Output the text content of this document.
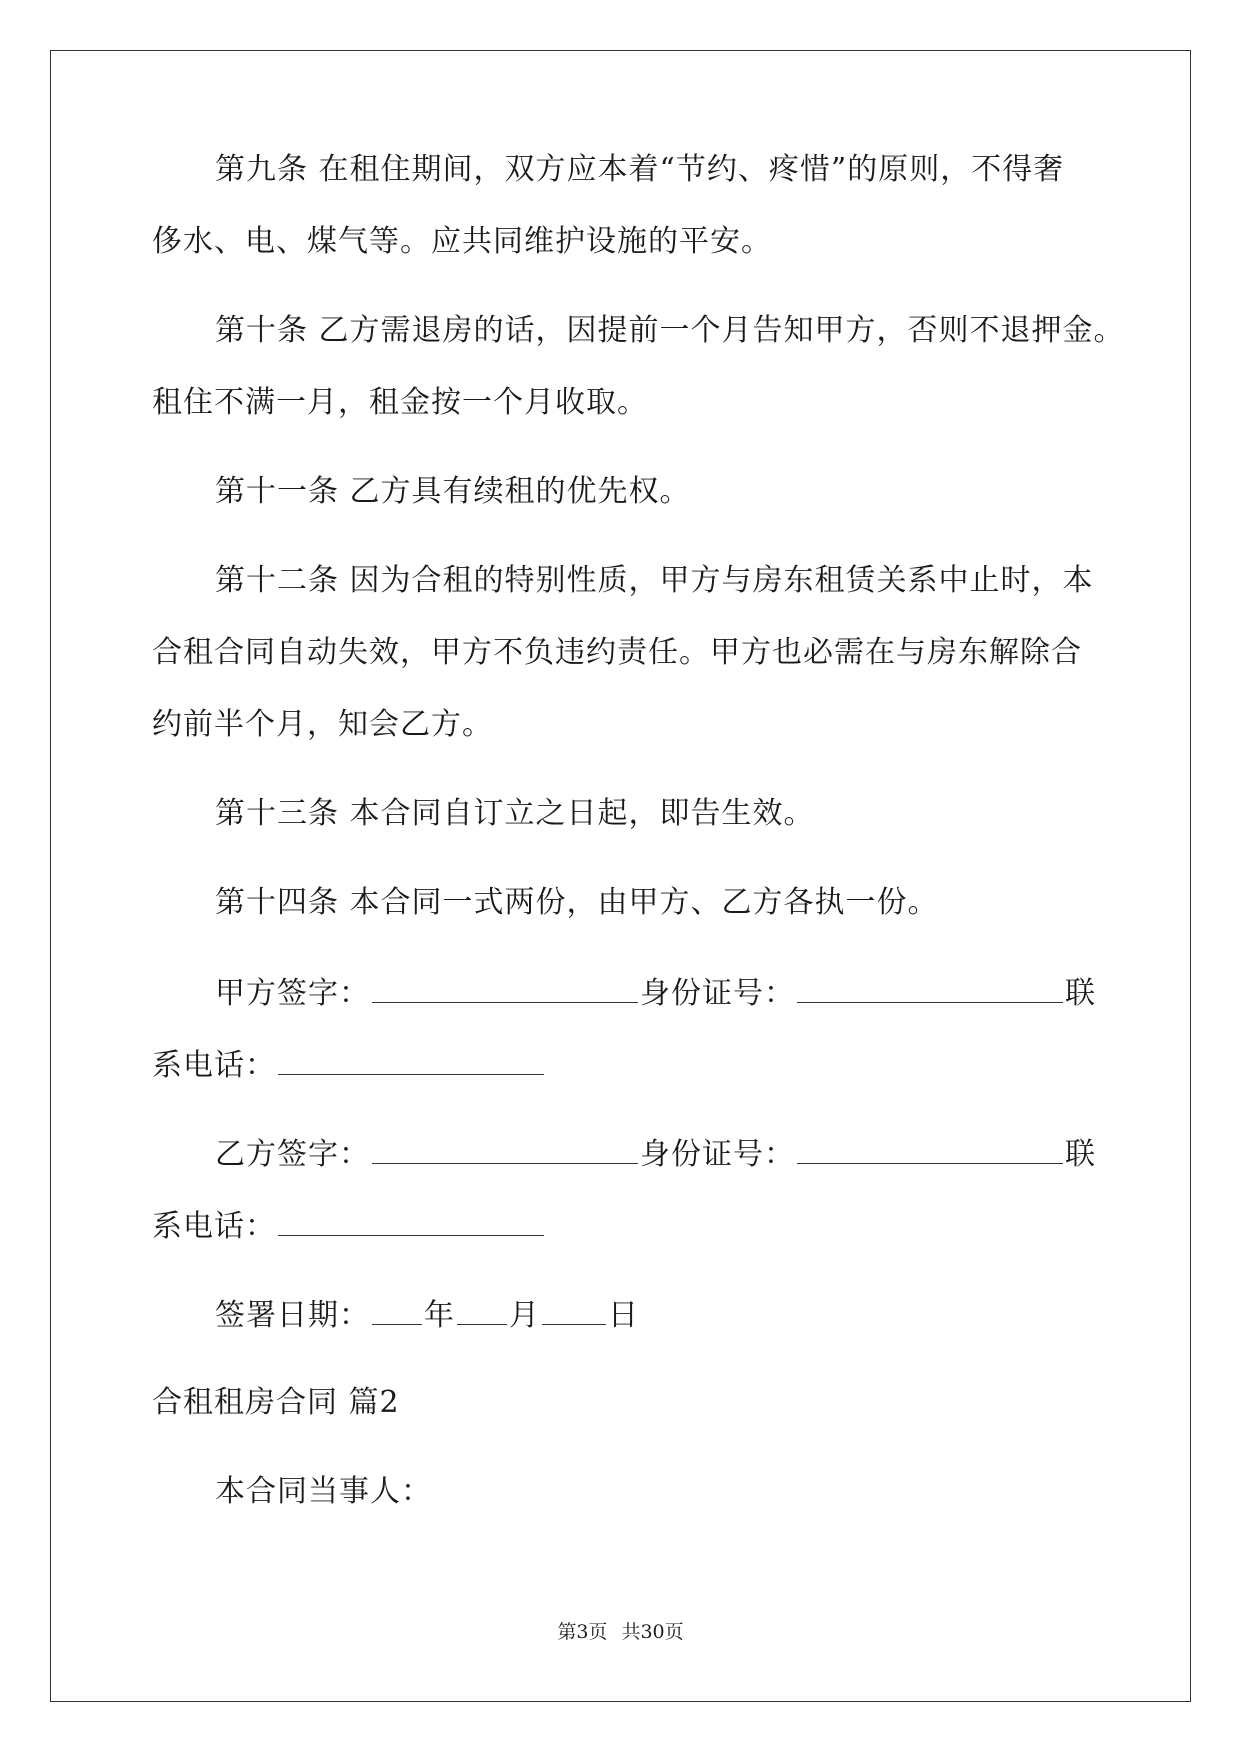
第九条 在租住期间，双方应本着“节约、疼惜”的原则，不得奢
侈水、电、煤气等。应共同维护设施的平安。
第十条 乙方需退房的话，因提前一个月告知甲方，否则不退押金。
租住不满一月，租金按一个月收取。
第十一条 乙方具有续租的优先权。
第十二条 因为合租的特别性质，甲方与房东租赁关系中止时，本
合租合同自动失效，甲方不负违约责任。甲方也必需在与房东解除合
约前半个月，知会乙方。
第十三条 本合同自订立之日起，即告生效。
第十四条 本合同一式两份，由甲方、乙方各执一份。
甲方签字：	身份证号：	联
系电话：
乙方签字：	身份证号：	联
系电话：
签署日期： 年 月 日
合租租房合同 篇2
本合同当事人：
第3页 共30页
